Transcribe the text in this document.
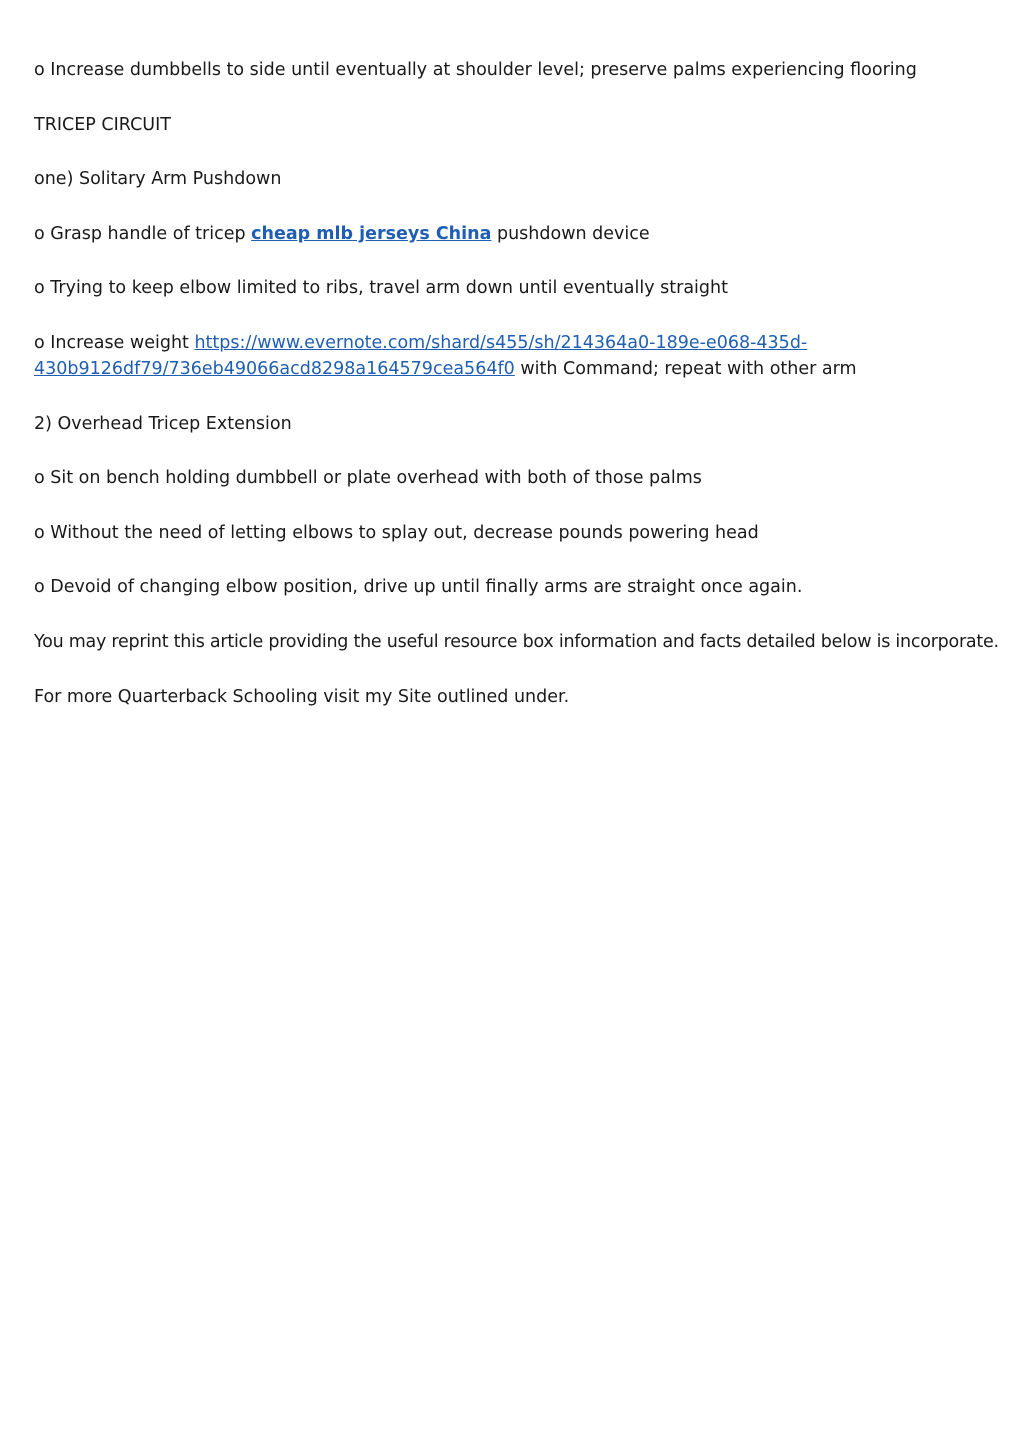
o Increase dumbbells to side until eventually at shoulder level; preserve palms experiencing flooring

TRICEP CIRCUIT

one) Solitary Arm Pushdown

o Grasp handle of tricep cheap mlb jerseys China pushdown device

o Trying to keep elbow limited to ribs, travel arm down until eventually straight

o Increase weight https://www.evernote.com/shard/s455/sh/214364a0-189e-e068-435d-
430b9126df79/736eb49066acd8298a164579cea564f0 with Command; repeat with other arm

2) Overhead Tricep Extension

o Sit on bench holding dumbbell or plate overhead with both of those palms

o Without the need of letting elbows to splay out, decrease pounds powering head

o Devoid of changing elbow position, drive up until finally arms are straight once again.

You may reprint this article providing the useful resource box information and facts detailed below is incorporate.

For more Quarterback Schooling visit my Site outlined under.
